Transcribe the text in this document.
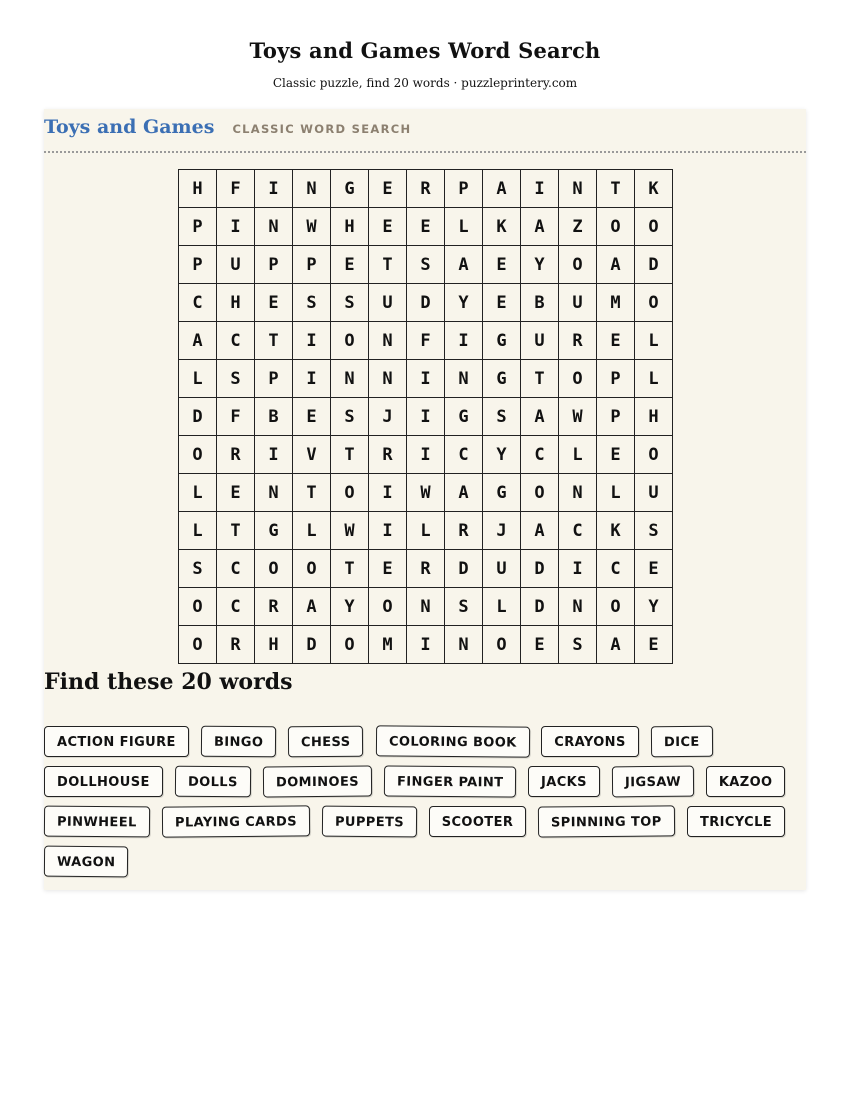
Toys and Games Word Search
Classic puzzle, find 20 words · puzzleprintery.com
Toys and Games CLASSIC WORD SEARCH
H	F	I	N	G	E	R	P	A	I	N	T	K
P	I	N	W	H	E	E	L	K	A	Z	O	O
P	U	P	P	E	T	S	A	E	Y	O	A	D
C	H	E	S	S	U	D	Y	E	B	U	M	O
A	C	T	I	O	N	F	I	G	U	R	E	L
L	S	P	I	N	N	I	N	G	T	O	P	L
D	F	B	E	S	J	I	G	S	A	W	P	H
O	R	I	V	T	R	I	C	Y	C	L	E	O
L	E	N	T	O	I	W	A	G	O	N	L	U
L	T	G	L	W	I	L	R	J	A	C	K	S
S	C	O	O	T	E	R	D	U	D	I	C	E
O	C	R	A	Y	O	N	S	L	D	N	O	Y
O	R	H	D	O	M	I	N	O	E	S	A	E
Find these 20 words
ACTION FIGURE	BINGO	CHESS	COLORING BOOK	CRAYONS	DICE
DOLLHOUSE	DOLLS	DOMINOES	FINGER PAINT	JACKS	JIGSAW	KAZOO
PINWHEEL	PLAYING CARDS	PUPPETS	SCOOTER	SPINNING TOP	TRICYCLE
WAGON
